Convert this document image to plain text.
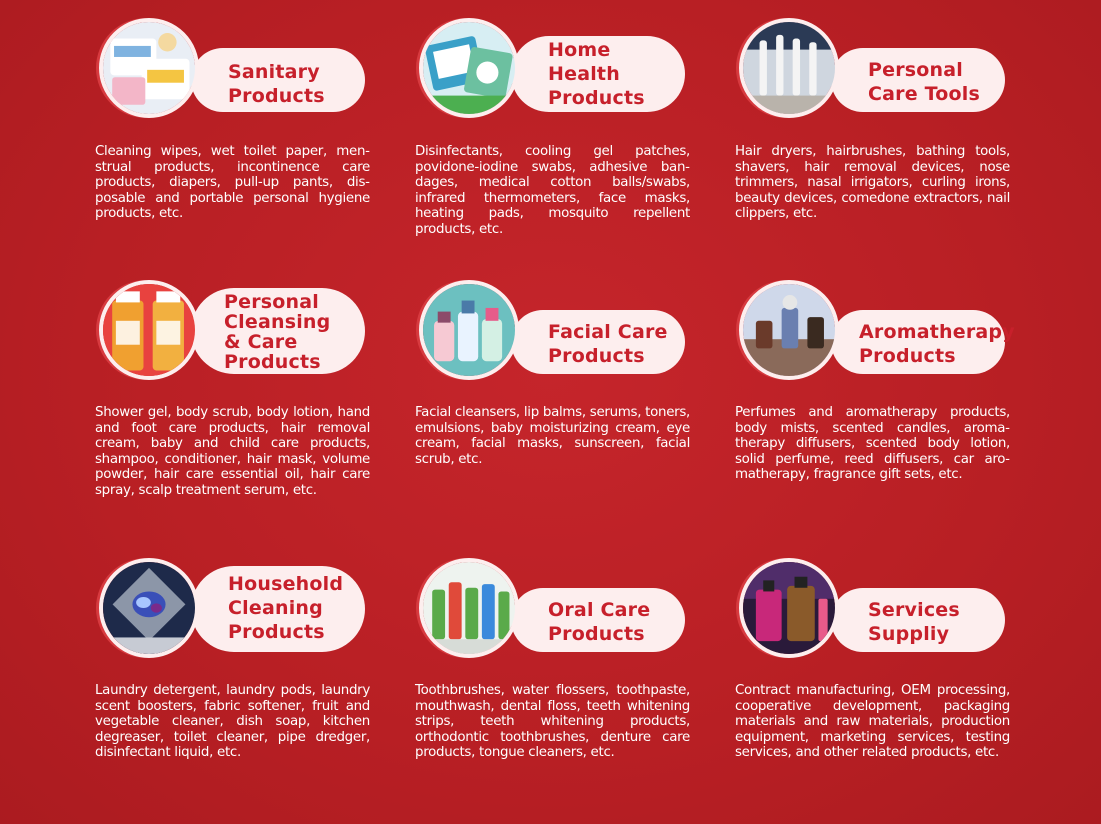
Sanitary
Products
Cleaning wipes, wet toilet paper, menstrual products, incontinence care products, diapers, pull-up pants, disposable and portable personal hygiene products, etc.
Home
Health
Products
Disinfectants, cooling gel patches, povidone-iodine swabs, adhesive bandages, medical cotton balls/swabs, infrared thermometers, face masks, heating pads, mosquito repellent products, etc.
Personal
Care Tools
Hair dryers, hairbrushes, bathing tools, shavers, hair removal devices, nose trimmers, nasal irrigators, curling irons, beauty devices, comedone extractors, nail clippers, etc.
Personal
Cleansing
& Care
Products
Shower gel, body scrub, body lotion, hand and foot care products, hair removal cream, baby and child care products, shampoo, conditioner, hair mask, volume powder, hair care essential oil, hair care spray, scalp treatment serum, etc.
Facial Care
Products
Facial cleansers, lip balms, serums, toners, emulsions, baby moisturizing cream, eye cream, facial masks, sunscreen, facial scrub, etc.
Aromatherapy
Products
Perfumes and aromatherapy products, body mists, scented candles, aromatherapy diffusers, scented body lotion, solid perfume, reed diffusers, car aromatherapy, fragrance gift sets, etc.
Household
Cleaning
Products
Laundry detergent, laundry pods, laundry scent boosters, fabric softener, fruit and vegetable cleaner, dish soap, kitchen degreaser, toilet cleaner, pipe dredger, disinfectant liquid, etc.
Oral Care
Products
Toothbrushes, water flossers, toothpaste, mouthwash, dental floss, teeth whitening strips, teeth whitening products, orthodontic toothbrushes, denture care products, tongue cleaners, etc.
Services
Suppliy
Contract manufacturing, OEM processing, cooperative development, packaging materials and raw materials, production equipment, marketing services, testing services, and other related products, etc.
